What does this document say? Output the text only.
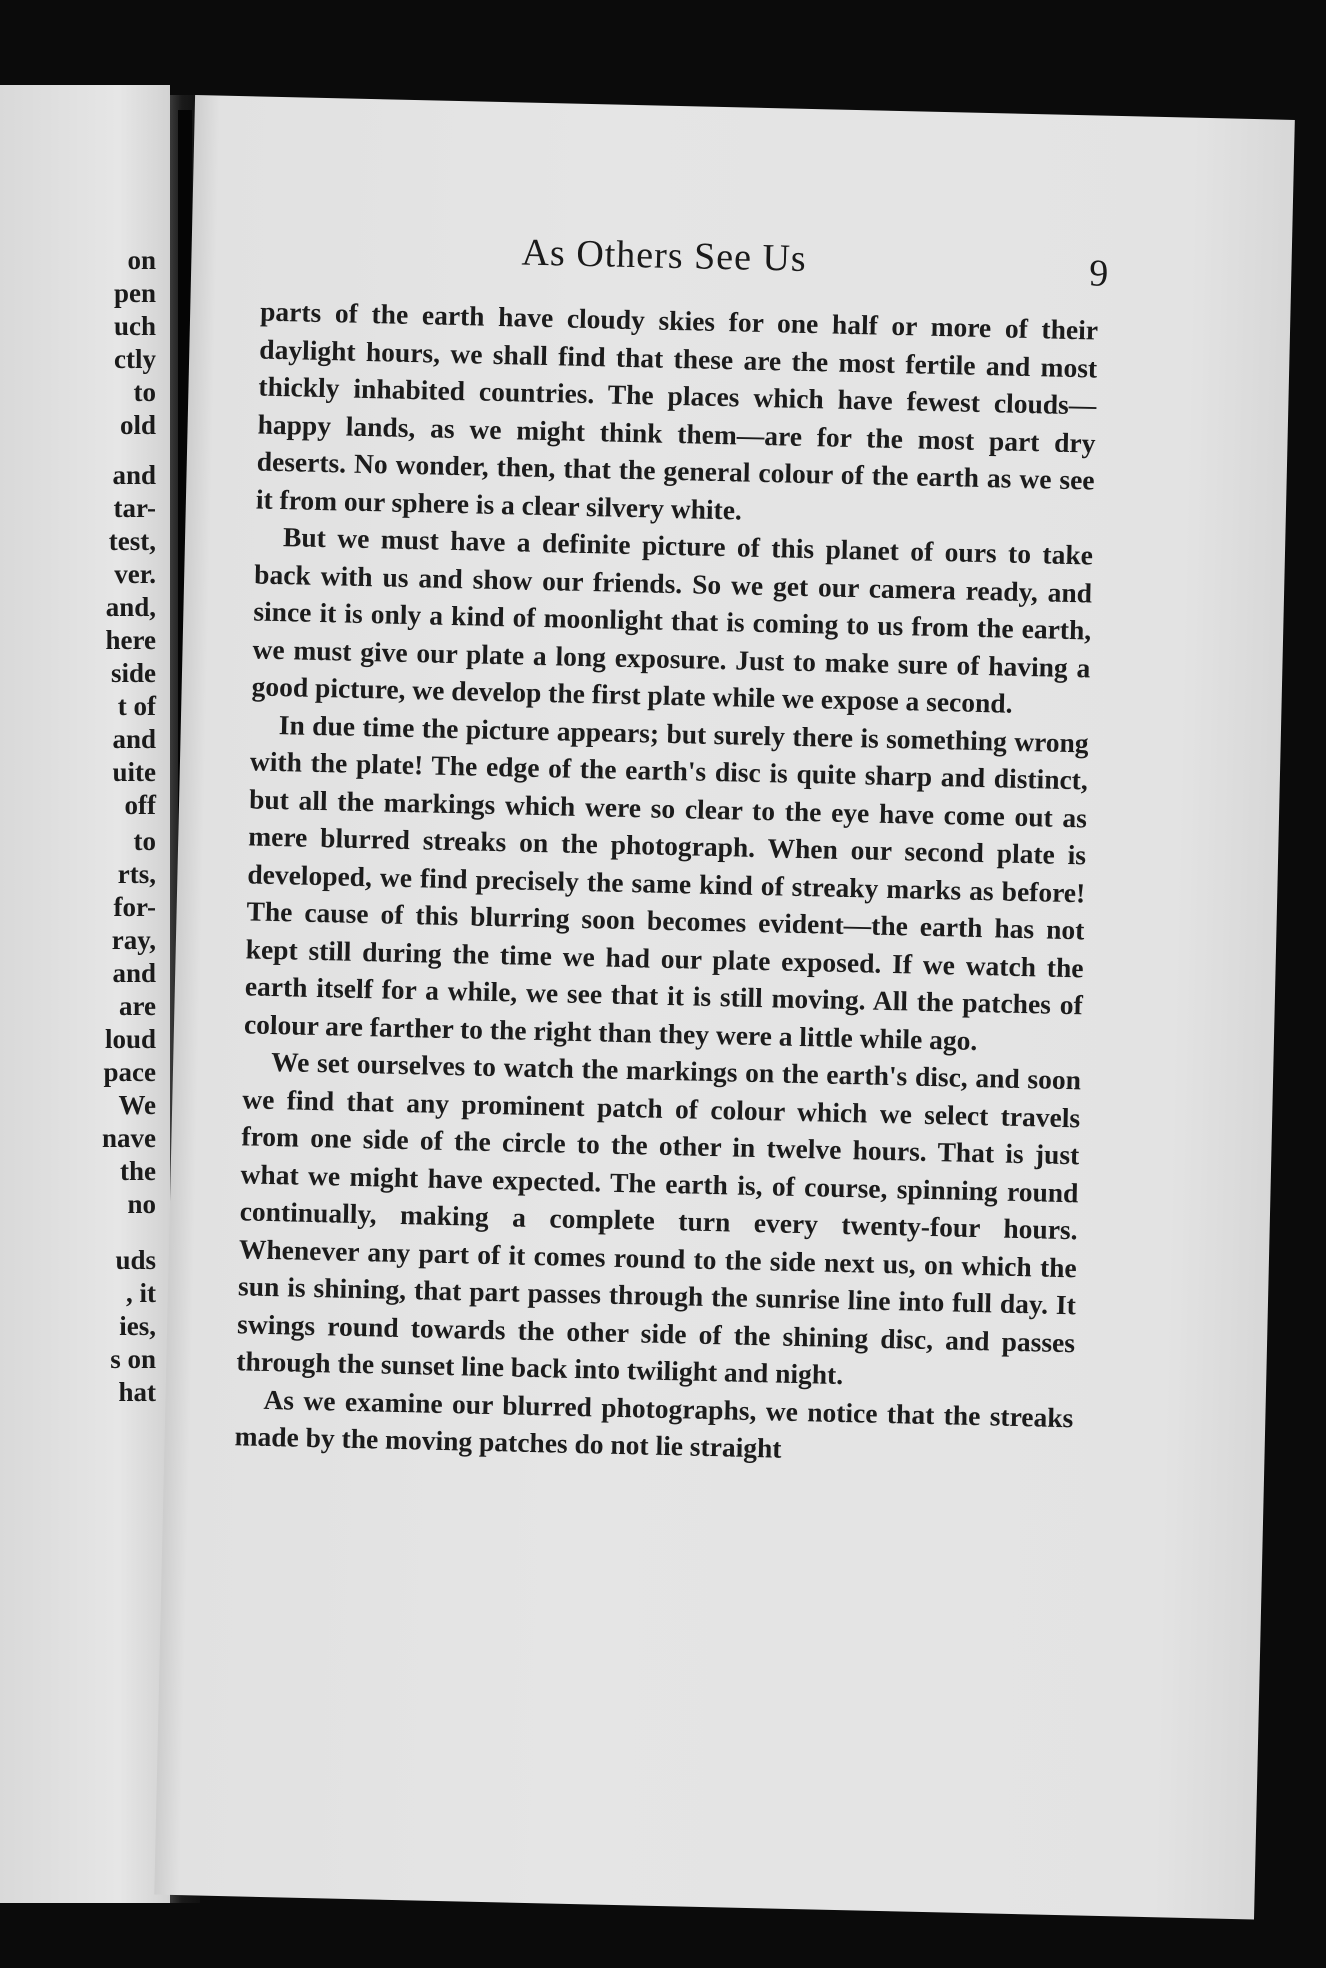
on
pen
uch
ctly
to
old
and
tar-
test,
ver.
and,
here
side
t of
and
uite
off
to
rts,
for-
ray,
and
are
loud
pace
We
nave
the
no
uds
, it
ies,
s on
hat
As Others See Us	9

parts of the earth have cloudy skies for one half or more of their daylight hours, we shall find that these are the most fertile and most thickly inhabited countries. The places which have fewest clouds—happy lands, as we might think them—are for the most part dry deserts. No wonder, then, that the general colour of the earth as we see it from our sphere is a clear silvery white.

But we must have a definite picture of this planet of ours to take back with us and show our friends. So we get our camera ready, and since it is only a kind of moonlight that is coming to us from the earth, we must give our plate a long exposure. Just to make sure of having a good picture, we develop the first plate while we expose a second.

In due time the picture appears; but surely there is something wrong with the plate! The edge of the earth's disc is quite sharp and distinct, but all the markings which were so clear to the eye have come out as mere blurred streaks on the photograph. When our second plate is developed, we find precisely the same kind of streaky marks as before! The cause of this blurring soon becomes evident—the earth has not kept still during the time we had our plate exposed. If we watch the earth itself for a while, we see that it is still moving. All the patches of colour are farther to the right than they were a little while ago.

We set ourselves to watch the markings on the earth's disc, and soon we find that any prominent patch of colour which we select travels from one side of the circle to the other in twelve hours. That is just what we might have expected. The earth is, of course, spinning round continually, making a complete turn every twenty-four hours. Whenever any part of it comes round to the side next us, on which the sun is shining, that part passes through the sunrise line into full day. It swings round towards the other side of the shining disc, and passes through the sunset line back into twilight and night.

As we examine our blurred photographs, we notice that the streaks made by the moving patches do not lie straight
